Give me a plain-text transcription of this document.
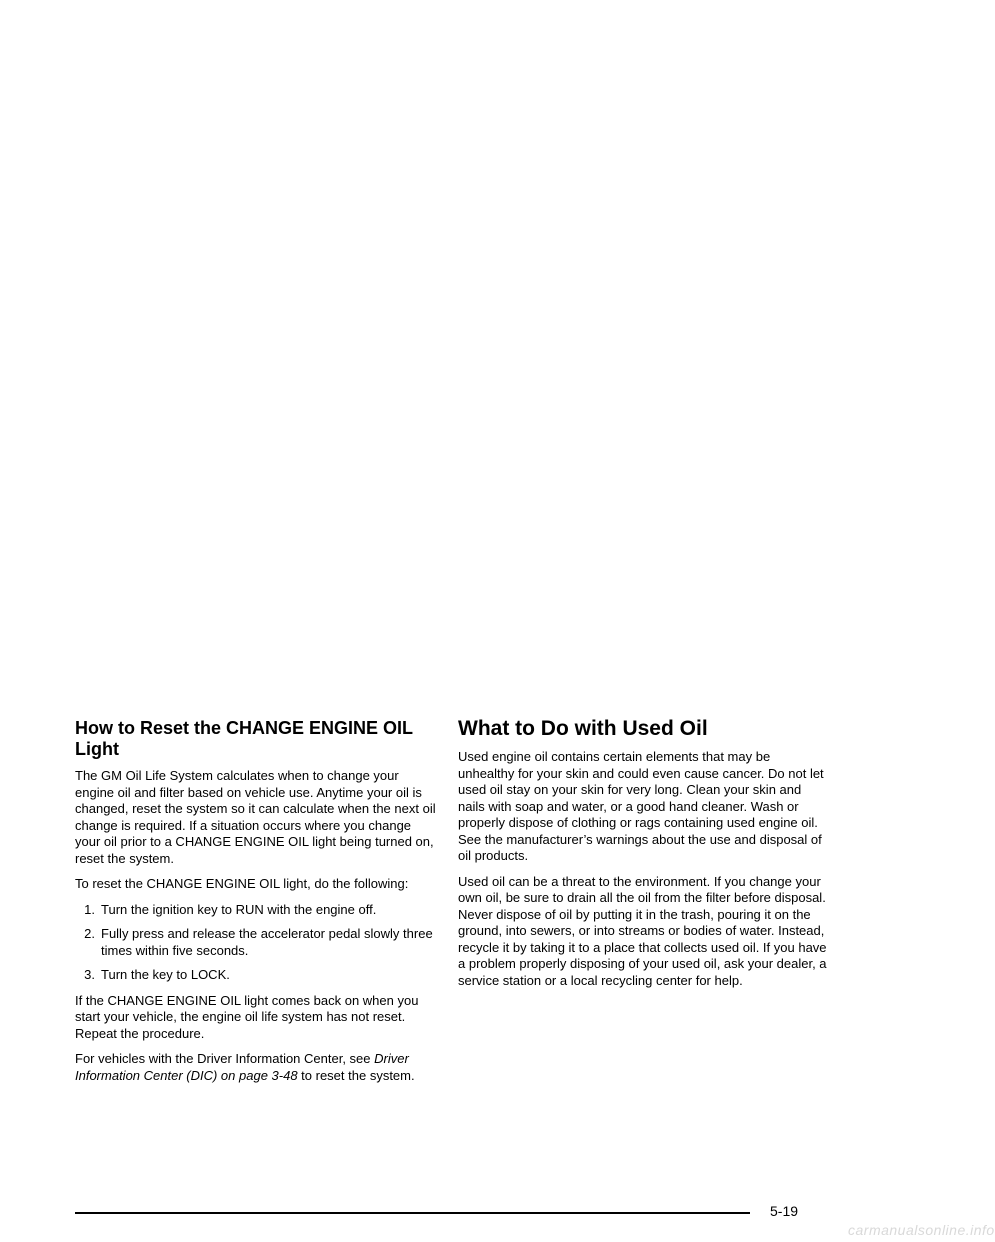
How to Reset the CHANGE ENGINE OIL Light

The GM Oil Life System calculates when to change your engine oil and filter based on vehicle use. Anytime your oil is changed, reset the system so it can calculate when the next oil change is required. If a situation occurs where you change your oil prior to a CHANGE ENGINE OIL light being turned on, reset the system.

To reset the CHANGE ENGINE OIL light, do the following:

1. Turn the ignition key to RUN with the engine off.
2. Fully press and release the accelerator pedal slowly three times within five seconds.
3. Turn the key to LOCK.

If the CHANGE ENGINE OIL light comes back on when you start your vehicle, the engine oil life system has not reset. Repeat the procedure.

For vehicles with the Driver Information Center, see Driver Information Center (DIC) on page 3-48 to reset the system.

What to Do with Used Oil

Used engine oil contains certain elements that may be unhealthy for your skin and could even cause cancer. Do not let used oil stay on your skin for very long. Clean your skin and nails with soap and water, or a good hand cleaner. Wash or properly dispose of clothing or rags containing used engine oil. See the manufacturer’s warnings about the use and disposal of oil products.

Used oil can be a threat to the environment. If you change your own oil, be sure to drain all the oil from the filter before disposal. Never dispose of oil by putting it in the trash, pouring it on the ground, into sewers, or into streams or bodies of water. Instead, recycle it by taking it to a place that collects used oil. If you have a problem properly disposing of your used oil, ask your dealer, a service station or a local recycling center for help.

5-19
carmanualsonline.info
